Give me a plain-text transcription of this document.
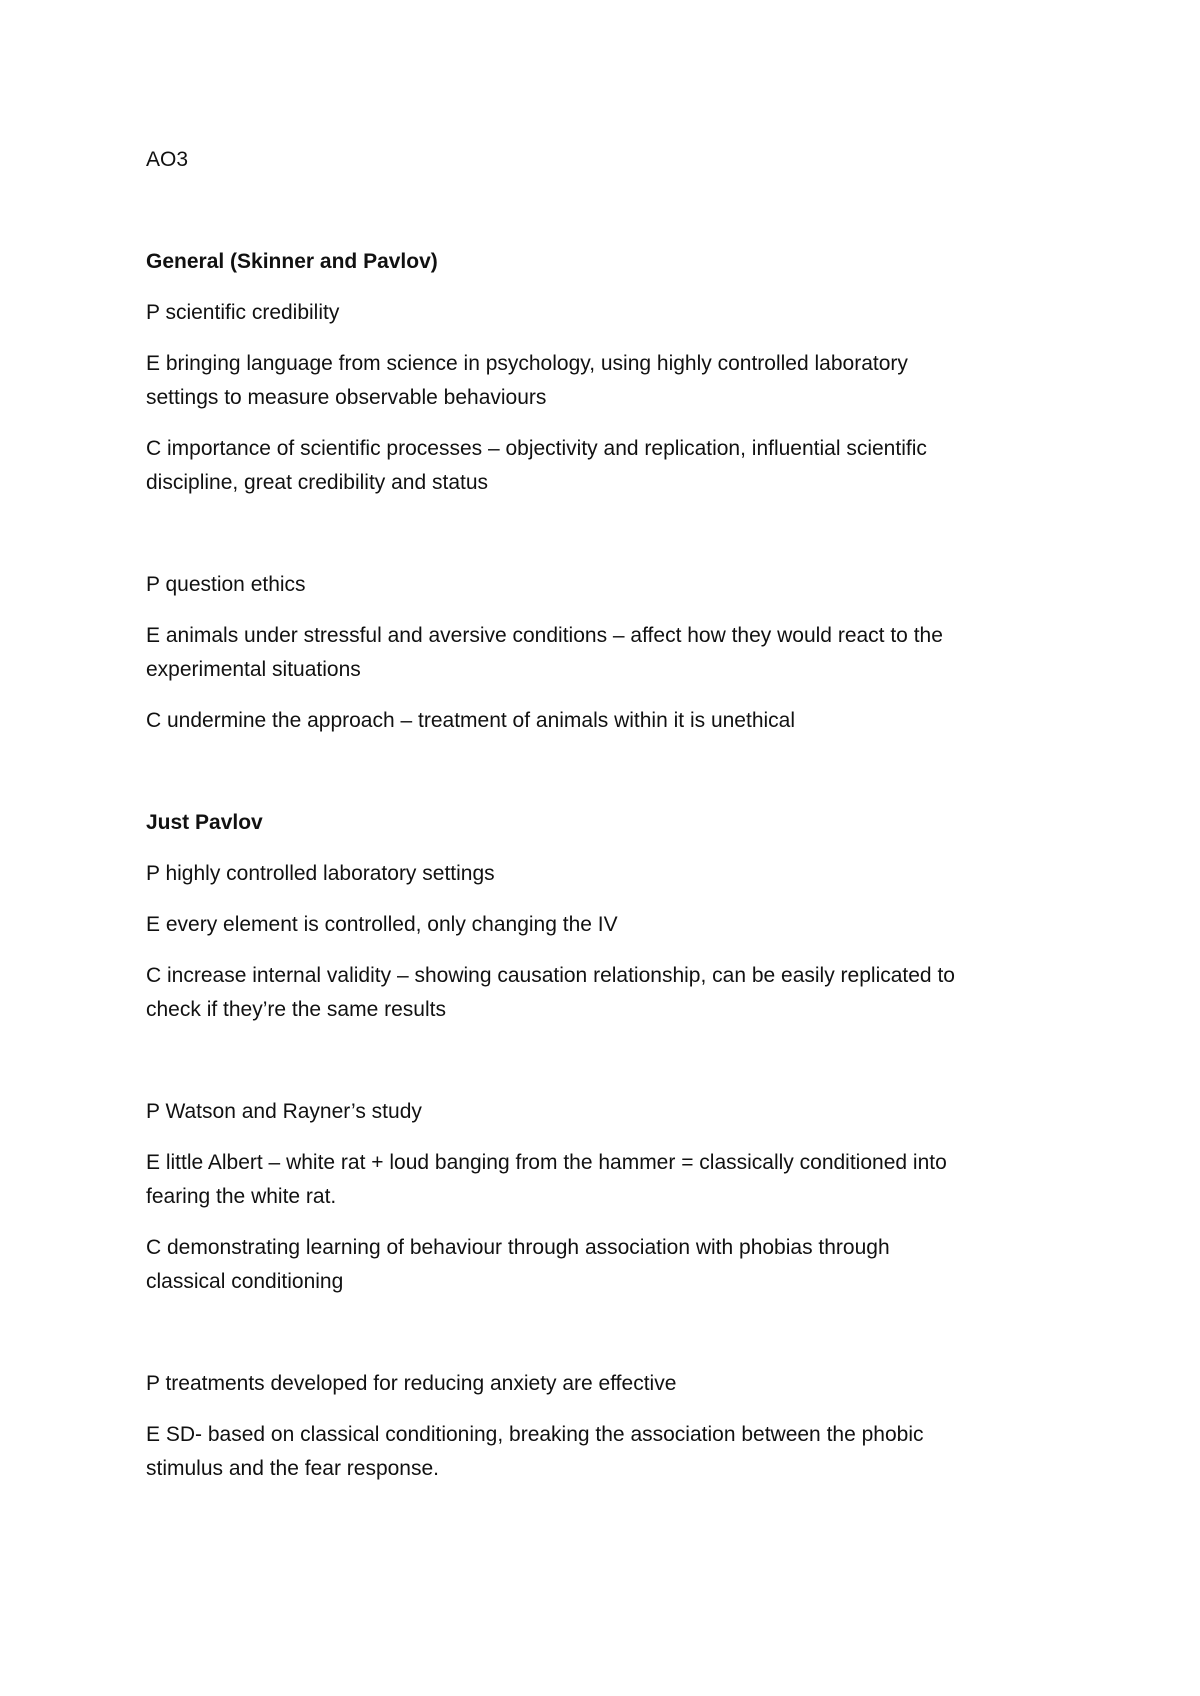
AO3

General (Skinner and Pavlov)

P scientific credibility

E bringing language from science in psychology, using highly controlled laboratory

settings to measure observable behaviours

C importance of scientific processes – objectivity and replication, influential scientific

discipline, great credibility and status

P question ethics

E animals under stressful and aversive conditions – affect how they would react to the

experimental situations

C undermine the approach – treatment of animals within it is unethical

Just Pavlov

P highly controlled laboratory settings

E every element is controlled, only changing the IV

C increase internal validity – showing causation relationship, can be easily replicated to

check if they’re the same results

P Watson and Rayner’s study

E little Albert – white rat + loud banging from the hammer = classically conditioned into

fearing the white rat.

C demonstrating learning of behaviour through association with phobias through

classical conditioning

P treatments developed for reducing anxiety are effective

E SD- based on classical conditioning, breaking the association between the phobic

stimulus and the fear response.
